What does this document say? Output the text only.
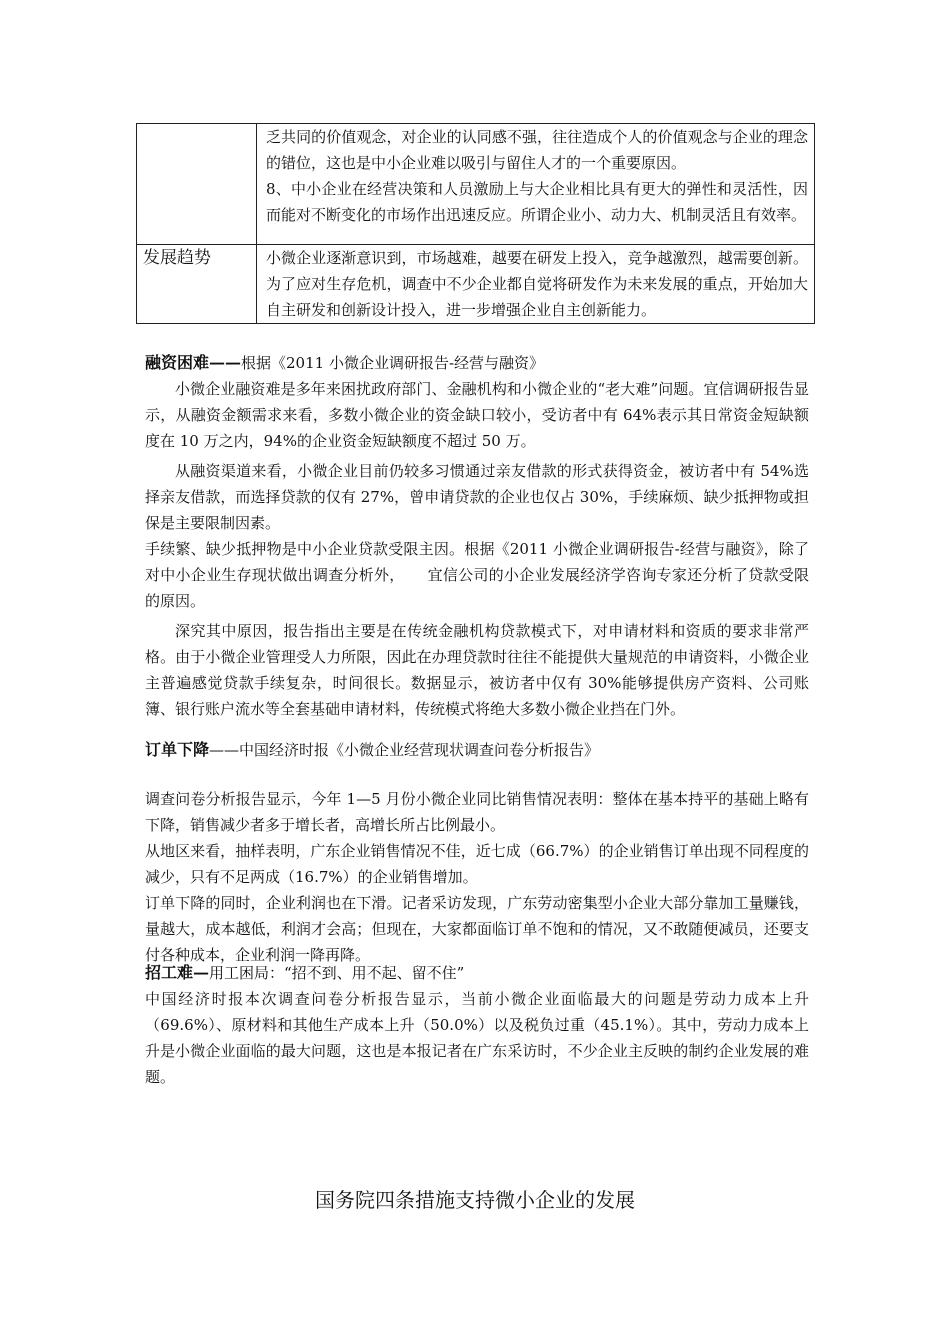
	乏共同的价值观念，对企业的认同感不强，往往造成个人的价值观念与企业的理念的错位，这也是中小企业难以吸引与留住人才的一个重要原因。
8、中小企业在经营决策和人员激励上与大企业相比具有更大的弹性和灵活性，因而能对不断变化的市场作出迅速反应。所谓企业小、动力大、机制灵活且有效率。

发展趋势	小微企业逐渐意识到，市场越难，越要在研发上投入，竞争越激烈，越需要创新。为了应对生存危机，调查中不少企业都自觉将研发作为未来发展的重点，开始加大自主研发和创新设计投入，进一步增强企业自主创新能力。
融资困难——根据《2011 小微企业调研报告-经营与融资》

小微企业融资难是多年来困扰政府部门、金融机构和小微企业的“老大难”问题。宜信调研报告显示，从融资金额需求来看，多数小微企业的资金缺口较小，受访者中有 64%表示其日常资金短缺额度在 10 万之内，94%的企业资金短缺额度不超过 50 万。

从融资渠道来看，小微企业目前仍较多习惯通过亲友借款的形式获得资金，被访者中有 54%选择亲友借款，而选择贷款的仅有 27%，曾申请贷款的企业也仅占 30%，手续麻烦、缺少抵押物或担保是主要限制因素。

手续繁、缺少抵押物是中小企业贷款受限主因。根据《2011 小微企业调研报告-经营与融资》，除了对中小企业生存现状做出调查分析外，　　宜信公司的小企业发展经济学咨询专家还分析了贷款受限的原因。

深究其中原因，报告指出主要是在传统金融机构贷款模式下，对申请材料和资质的要求非常严格。由于小微企业管理受人力所限，因此在办理贷款时往往不能提供大量规范的申请资料，小微企业主普遍感觉贷款手续复杂，时间很长。数据显示，被访者中仅有 30%能够提供房产资料、公司账簿、银行账户流水等全套基础申请材料，传统模式将绝大多数小微企业挡在门外。

订单下降——中国经济时报《小微企业经营现状调查问卷分析报告》

调查问卷分析报告显示，今年 1—5 月份小微企业同比销售情况表明：整体在基本持平的基础上略有下降，销售减少者多于增长者，高增长所占比例最小。

从地区来看，抽样表明，广东企业销售情况不佳，近七成（66.7%）的企业销售订单出现不同程度的减少，只有不足两成（16.7%）的企业销售增加。

订单下降的同时，企业利润也在下滑。记者采访发现，广东劳动密集型小企业大部分靠加工量赚钱，量越大，成本越低，利润才会高；但现在，大家都面临订单不饱和的情况，又不敢随便减员，还要支付各种成本，企业利润一降再降。

招工难—用工困局：“招不到、用不起、留不住”

中国经济时报本次调查问卷分析报告显示，当前小微企业面临最大的问题是劳动力成本上升（69.6%）、原材料和其他生产成本上升（50.0%）以及税负过重（45.1%）。其中，劳动力成本上升是小微企业面临的最大问题，这也是本报记者在广东采访时，不少企业主反映的制约企业发展的难题。

国务院四条措施支持微小企业的发展
